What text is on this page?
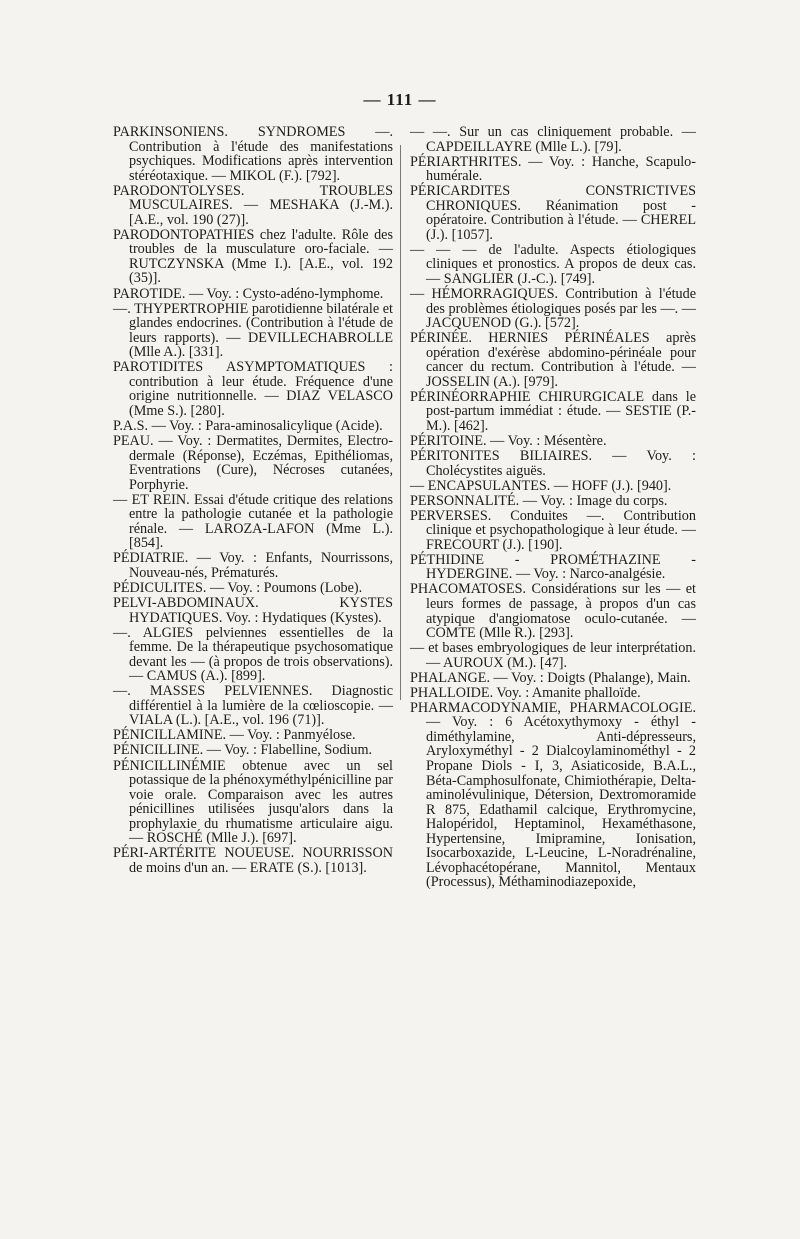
— 111 —

PARKINSONIENS. SYNDROMES —. Contribution à l'étude des manifestations psychiques. Modifications après intervention stéréotaxique. — MIKOL (F.). [792].

PARODONTOLYSES. TROUBLES MUSCULAIRES. — MESHAKA (J.-M.). [A.E., vol. 190 (27)].

PARODONTOPATHIES chez l'adulte. Rôle des troubles de la musculature oro-faciale. — RUTCZYNSKA (Mme I.). [A.E., vol. 192 (35)].

PAROTIDE. — Voy. : Cysto-adéno-lymphome.

—. THYPERTROPHIE parotidienne bilatérale et glandes endocrines. (Contribution à l'étude de leurs rapports). — DEVILLECHABROLLE (Mlle A.). [331].

PAROTIDITES ASYMPTOMATIQUES : contribution à leur étude. Fréquence d'une origine nutritionnelle. — DIAZ VELASCO (Mme S.). [280].

P.A.S. — Voy. : Para-aminosalicylique (Acide).

PEAU. — Voy. : Dermatites, Dermites, Electro-dermale (Réponse), Eczémas, Epithéliomas, Eventrations (Cure), Nécroses cutanées, Porphyrie.

— ET REIN. Essai d'étude critique des relations entre la pathologie cutanée et la pathologie rénale. — LAROZA-LAFON (Mme L.). [854].

PÉDIATRIE. — Voy. : Enfants, Nourrissons, Nouveau-nés, Prématurés.

PÉDICULITES. — Voy. : Poumons (Lobe).

PELVI-ABDOMINAUX. KYSTES HYDATIQUES. Voy. : Hydatiques (Kystes).

—. ALGIES pelviennes essentielles de la femme. De la thérapeutique psychosomatique devant les — (à propos de trois observations). — CAMUS (A.). [899].

—. MASSES PELVIENNES. Diagnostic différentiel à la lumière de la cœlioscopie. — VIALA (L.). [A.E., vol. 196 (71)].

PÉNICILLAMINE. — Voy. : Panmyélose.

PÉNICILLINE. — Voy. : Flabelline, Sodium.

PÉNICILLINÉMIE obtenue avec un sel potassique de la phénoxyméthylpénicilline par voie orale. Comparaison avec les autres pénicillines utilisées jusqu'alors dans la prophylaxie du rhumatisme articulaire aigu. — ROSCHÉ (Mlle J.). [697].

PÉRI-ARTÉRITE NOUEUSE. NOURRISSON de moins d'un an. — ERATE (S.). [1013].

— —. Sur un cas cliniquement probable. — CAPDEILLAYRE (Mlle L.). [79].

PÉRIARTHRITES. — Voy. : Hanche, Scapulo-humérale.

PÉRICARDITES CONSTRICTIVES CHRONIQUES. Réanimation post - opératoire. Contribution à l'étude. — CHEREL (J.). [1057].

— — — de l'adulte. Aspects étiologiques cliniques et pronostics. A propos de deux cas. — SANGLIER (J.-C.). [749].

— HÉMORRAGIQUES. Contribution à l'étude des problèmes étiologiques posés par les —. — JACQUENOD (G.). [572].

PÉRINÉE. HERNIES PÉRINÉALES après opération d'exérèse abdomino-périnéale pour cancer du rectum. Contribution à l'étude. — JOSSELIN (A.). [979].

PÉRINÉORRAPHIE CHIRURGICALE dans le post-partum immédiat : étude. — SESTIE (P.-M.). [462].

PÉRITOINE. — Voy. : Mésentère.

PÉRITONITES BILIAIRES. — Voy. : Cholécystites aiguës.

— ENCAPSULANTES. — HOFF (J.). [940].

PERSONNALITÉ. — Voy. : Image du corps.

PERVERSES. Conduites —. Contribution clinique et psychopathologique à leur étude. — FRECOURT (J.). [190].

PÉTHIDINE - PROMÉTHAZINE - HYDERGINE. — Voy. : Narco-analgésie.

PHACOMATOSES. Considérations sur les — et leurs formes de passage, à propos d'un cas atypique d'angiomatose oculo-cutanée. — COMTE (Mlle R.). [293].

— et bases embryologiques de leur interprétation. — AUROUX (M.). [47].

PHALANGE. — Voy. : Doigts (Phalange), Main.

PHALLOIDE. Voy. : Amanite phalloïde.

PHARMACODYNAMIE, PHARMACOLOGIE. — Voy. : 6 Acétoxythymoxy - éthyl - diméthylamine, Anti-dépresseurs, Aryloxyméthyl - 2 Dialcoylaminométhyl - 2 Propane Diols - I, 3, Asiaticoside, B.A.L., Béta-Camphosulfonate, Chimiothérapie, Delta-aminolévulinique, Détersion, Dextromoramide R 875, Edathamil calcique, Erythromycine, Halopéridol, Heptaminol, Hexaméthasone, Hypertensine, Imipramine, Ionisation, Isocarboxazide, L-Leucine, L-Noradrénaline, Lévophacétopérane, Mannitol, Mentaux (Processus), Méthaminodiazepoxide,
